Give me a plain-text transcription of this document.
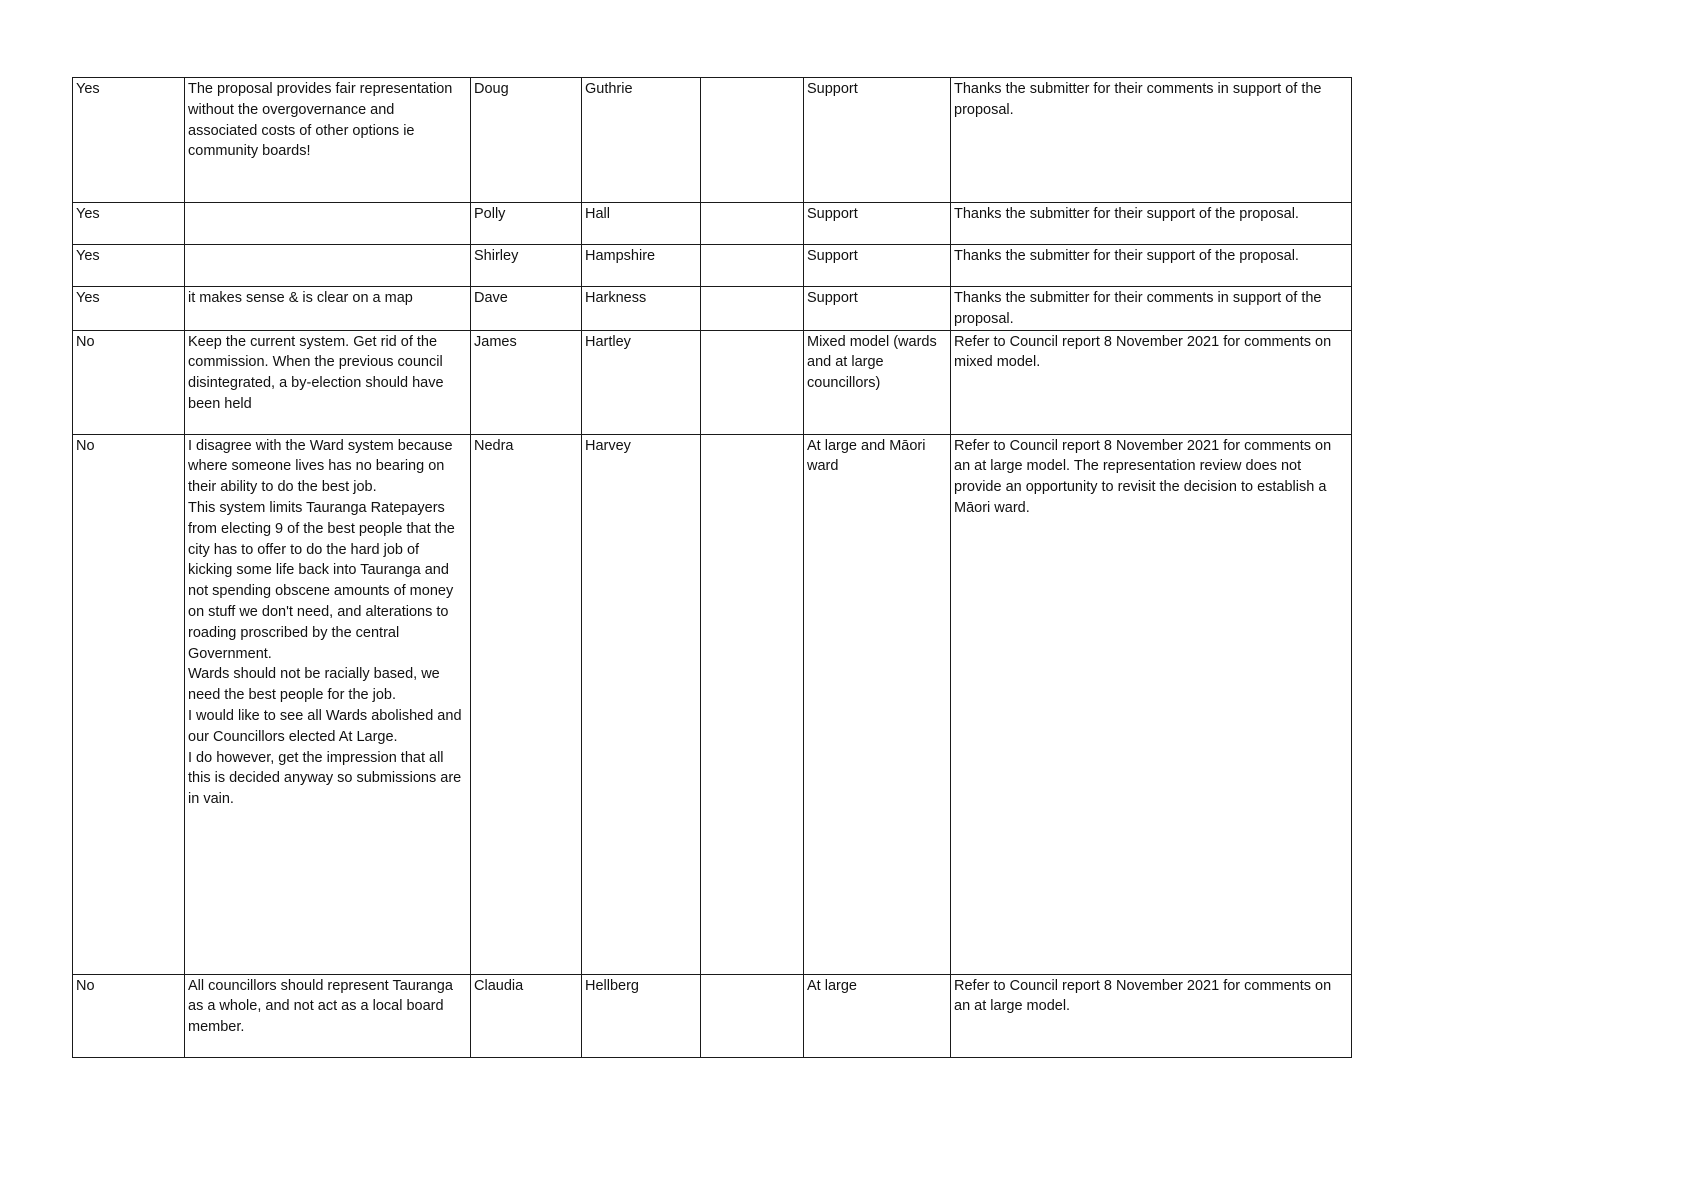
Yes	The proposal provides fair representation without the overgovernance and associated costs of other options ie community boards!	Doug	Guthrie		Support	Thanks the submitter for their comments in support of the proposal.
Yes		Polly	Hall		Support	Thanks the submitter for their support of the proposal.
Yes		Shirley	Hampshire		Support	Thanks the submitter for their support of the proposal.
Yes	it makes sense & is clear on a map	Dave	Harkness		Support	Thanks the submitter for their comments in support of the proposal.
No	Keep the current system. Get rid of the commission. When the previous council disintegrated, a by-election should have been held	James	Hartley		Mixed model (wards and at large councillors)	Refer to Council report 8 November 2021 for comments on mixed model.
No	I disagree with the Ward system because where someone lives has no bearing on their ability to do the best job.
This system limits Tauranga Ratepayers from electing 9 of the best people that the city has to offer to do the hard job of kicking some life back into Tauranga and not spending obscene amounts of money on stuff we don't need, and alterations to roading proscribed by the central Government.
Wards should not be racially based, we need the best people for the job.
I would like to see all Wards abolished and our Councillors elected At Large.
I do however, get the impression that all this is decided anyway so submissions are in vain.	Nedra	Harvey		At large and Māori ward	Refer to Council report 8 November 2021 for comments on an at large model. The representation review does not provide an opportunity to revisit the decision to establish a Māori ward.
No	All councillors should represent Tauranga as a whole, and not act as a local board member.	Claudia	Hellberg		At large	Refer to Council report 8 November 2021 for comments on an at large model.
